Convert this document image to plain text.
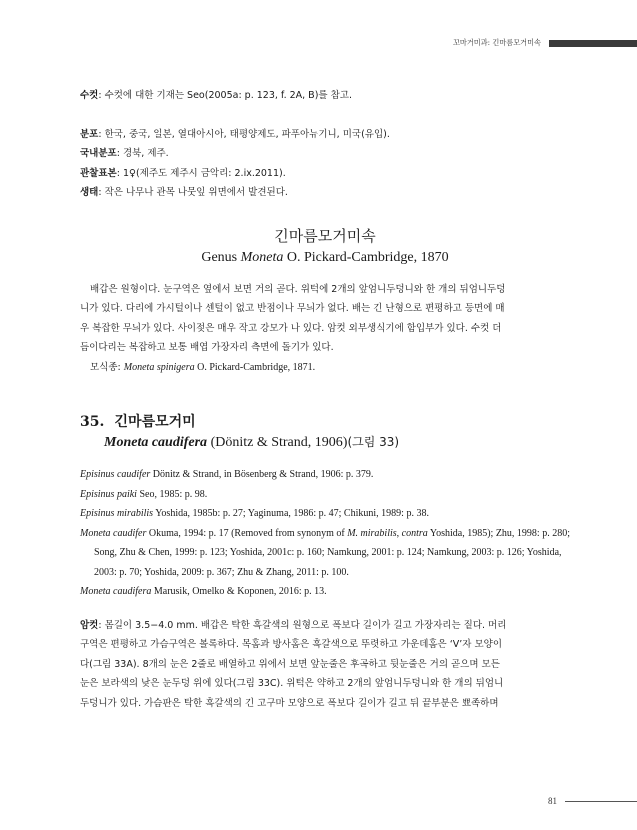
꼬마거미과: 긴마름모거미속

수컷: 수컷에 대한 기재는 Seo(2005a: p. 123, f. 2A, B)를 참고.

분포: 한국, 중국, 일본, 열대아시아, 태평양제도, 파푸아뉴기니, 미국(유입).

국내분포: 경북, 제주.

관찰표본: 1♀(제주도 제주시 금악리: 2.ix.2011).

생태: 작은 나무나 관목 나뭇잎 위면에서 발견된다.

긴마름모거미속
Genus Moneta O. Pickard-Cambridge, 1870

배갑은 원형이다. 눈구역은 옆에서 보면 거의 곧다. 위턱에 2개의 앞엄니두덩니와 한 개의 뒤엄니두덩

니가 있다. 다리에 가시털이나 센털이 없고 반점이나 무늬가 없다. 배는 긴 난형으로 편평하고 등면에 매

우 복잡한 무늬가 있다. 사이젖은 매우 작고 강모가 나 있다. 암컷 외부생식기에 함입부가 있다. 수컷 더

듬이다리는 복잡하고 보통 배엽 가장자리 측면에 돌기가 있다.

모식종: Moneta spinigera O. Pickard-Cambridge, 1871.

35. 긴마름모거미
Moneta caudifera (Dönitz & Strand, 1906)(그림 33)

Episinus caudifer Dönitz & Strand, in Bösenberg & Strand, 1906: p. 379.

Episinus paiki Seo, 1985: p. 98.

Episinus mirabilis Yoshida, 1985b: p. 27; Yaginuma, 1986: p. 47; Chikuni, 1989: p. 38.

Moneta caudifer Okuma, 1994: p. 17 (Removed from synonym of M. mirabilis, contra Yoshida, 1985); Zhu, 1998: p. 280; Song, Zhu & Chen, 1999: p. 123; Yoshida, 2001c: p. 160; Namkung, 2001: p. 124; Namkung, 2003: p. 126; Yoshida, 2003: p. 70; Yoshida, 2009: p. 367; Zhu & Zhang, 2011: p. 100.

Moneta caudifera Marusik, Omelko & Koponen, 2016: p. 13.

암컷: 몸길이 3.5−4.0 mm. 배갑은 탁한 흑갈색의 원형으로 폭보다 길이가 길고 가장자리는 짙다. 머리

구역은 편평하고 가슴구역은 볼록하다. 목홈과 방사홈은 흑갈색으로 뚜렷하고 가운데홈은 ‘V’자 모양이

다(그림 33A). 8개의 눈은 2줄로 배열하고 위에서 보면 앞눈줄은 후곡하고 뒷눈줄은 거의 곧으며 모든

눈은 보라색의 낮은 눈두덩 위에 있다(그림 33C). 위턱은 약하고 2개의 앞엄니두덩니와 한 개의 뒤엄니

두덩니가 있다. 가슴판은 탁한 흑갈색의 긴 고구마 모양으로 폭보다 길이가 길고 뒤 끝부분은 뾰족하며

81
